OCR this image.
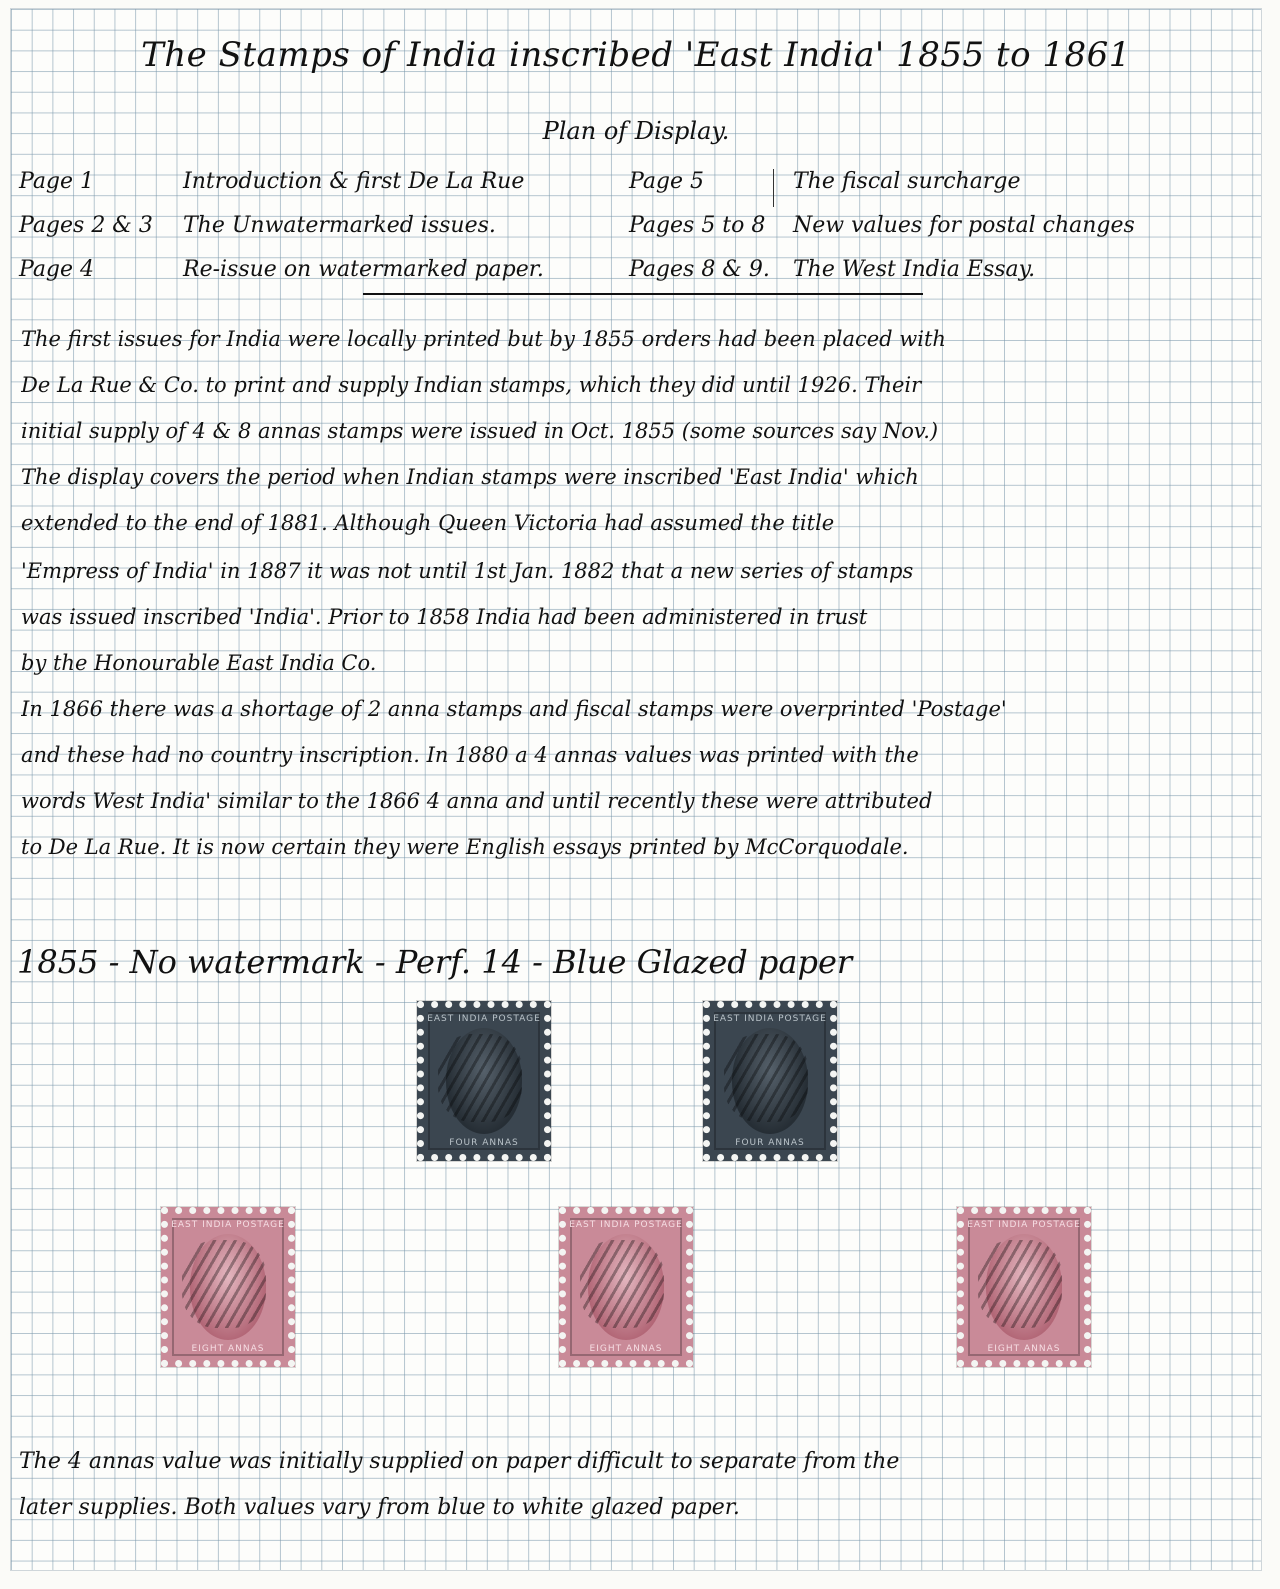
The Stamps of India inscribed 'East India' 1855 to 1861
Plan of Display.
Page 1	Introduction & first De La Rue	Page 5	The fiscal surcharge
Pages 2 & 3 The Unwatermarked issues.	Pages 5 to 8 New values for postal changes
Page 4	Re-issue on watermarked paper.	Pages 8 & 9. The West India Essay.
The first issues for India were locally printed but by 1855 orders had been placed with
De La Rue & Co. to print and supply Indian stamps, which they did until 1926. Their
initial supply of 4 & 8 annas stamps were issued in Oct. 1855 (some sources say Nov.)
The display covers the period when Indian stamps were inscribed 'East India' which
extended to the end of 1881. Although Queen Victoria had assumed the title
'Empress of India' in 1887 it was not until 1st Jan. 1882 that a new series of stamps
was issued inscribed 'India'. Prior to 1858 India had been administered in trust
by the Honourable East India Co.
In 1866 there was a shortage of 2 anna stamps and fiscal stamps were overprinted 'Postage'
and these had no country inscription. In 1880 a 4 annas values was printed with the
words West India' similar to the 1866 4 anna and until recently these were attributed
to De La Rue. It is now certain they were English essays printed by McCorquodale.
1855 - No watermark - Perf. 14 - Blue Glazed paper
EAST INDIA POSTAGE
FOUR ANNAS
EAST INDIA POSTAGE
FOUR ANNAS
EAST INDIA POSTAGE
EIGHT ANNAS
EAST INDIA POSTAGE
EIGHT ANNAS
EAST INDIA POSTAGE
EIGHT ANNAS
The 4 annas value was initially supplied on paper difficult to separate from the
later supplies. Both values vary from blue to white glazed paper.
